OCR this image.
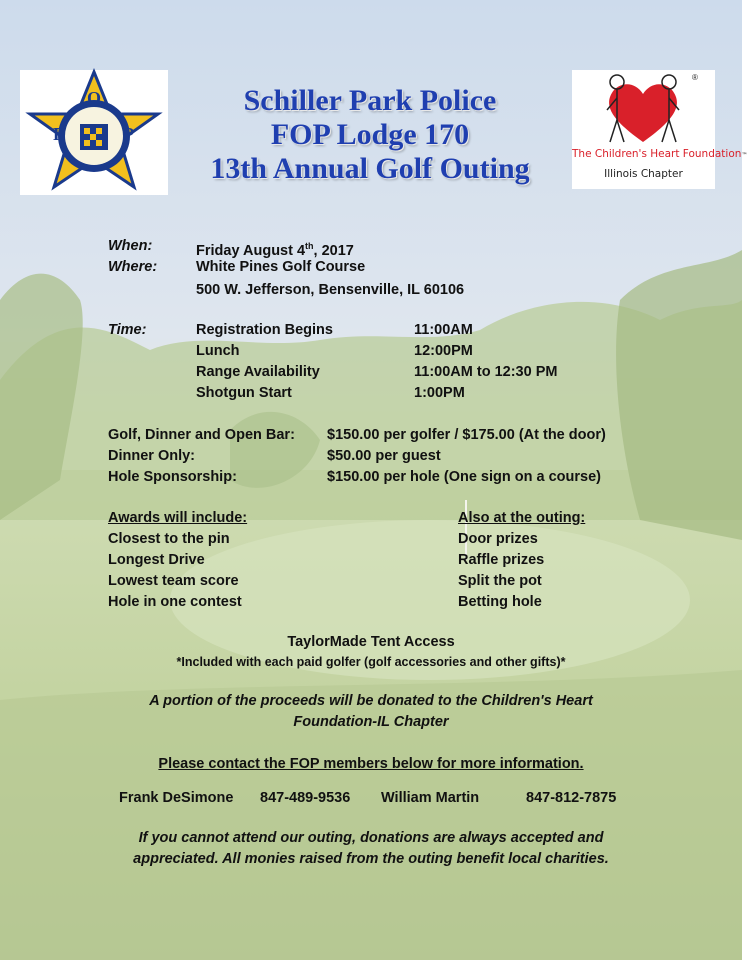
F
O
P
®
The Children's Heart Foundation™
Illinois Chapter
Schiller Park Police
FOP Lodge 170
13th Annual Golf Outing
When:	Friday August 4th, 2017
Where:	White Pines Golf Course
500 W. Jefferson, Bensenville, IL 60106
Time:	Registration Begins	11:00AM
Lunch	12:00PM
Range Availability	11:00AM to 12:30 PM
Shotgun Start	1:00PM
Golf, Dinner and Open Bar: $150.00 per golfer / $175.00 (At the door)
Dinner Only:	$50.00 per guest
Hole Sponsorship:	$150.00 per hole (One sign on a course)
Awards will include:
Closest to the pin
Longest Drive
Lowest team score
Hole in one contest
Also at the outing:
Door prizes
Raffle prizes
Split the pot
Betting hole
TaylorMade Tent Access
*Included with each paid golfer (golf accessories and other gifts)*
A portion of the proceeds will be donated to the Children's Heart
Foundation-IL Chapter
Please contact the FOP members below for more information.
Frank DeSimone 847-489-9536 William Martin	847-812-7875
If you cannot attend our outing, donations are always accepted and
appreciated. All monies raised from the outing benefit local charities.
